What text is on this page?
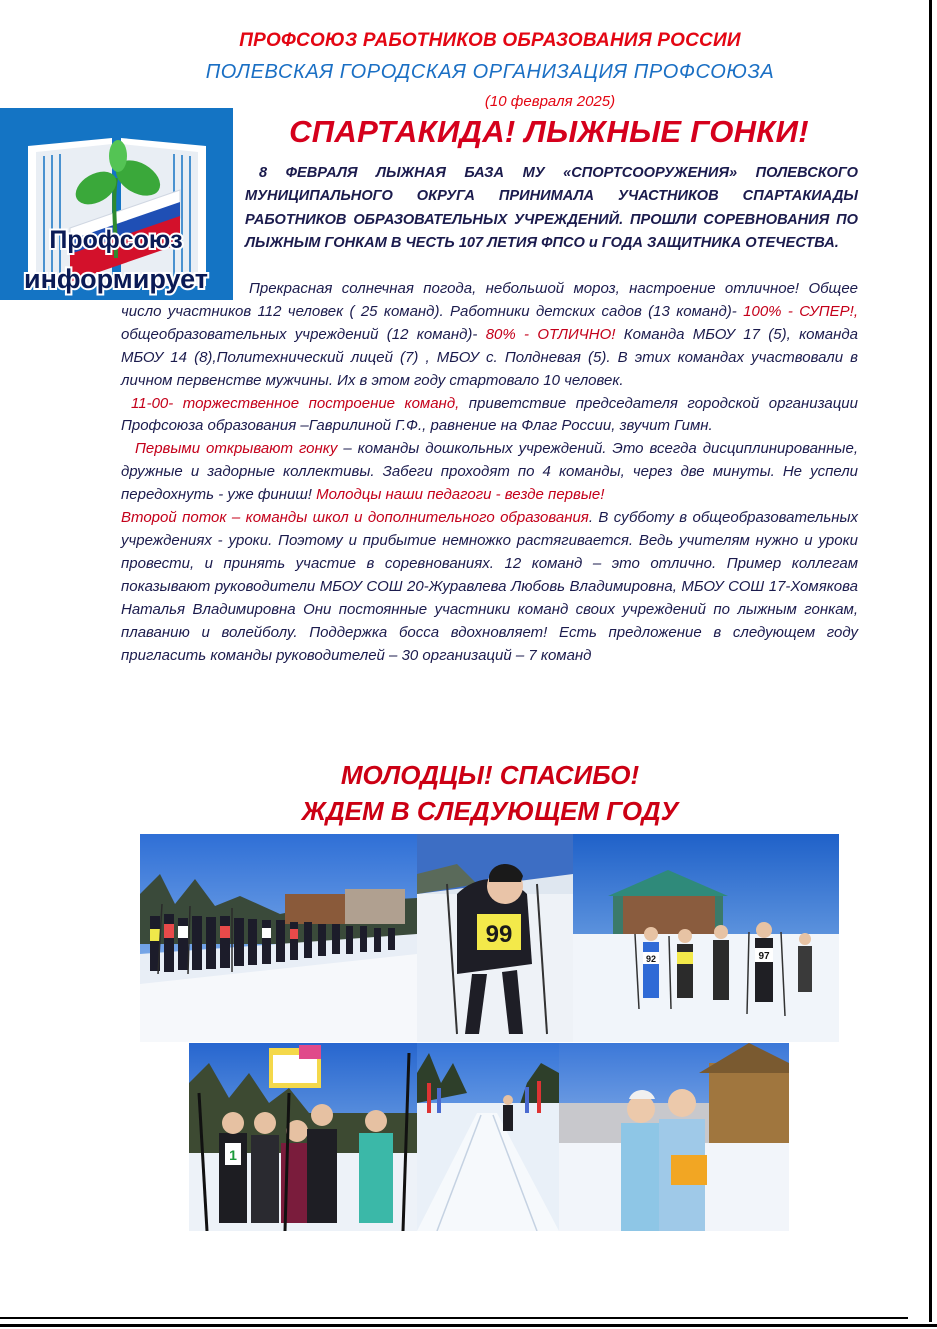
ПРОФСОЮЗ РАБОТНИКОВ ОБРАЗОВАНИЯ РОССИИ
ПОЛЕВСКАЯ ГОРОДСКАЯ ОРГАНИЗАЦИЯ ПРОФСОЮЗА
(10 февраля 2025)
Профсоюз
информирует
СПАРТАКИДА! ЛЫЖНЫЕ ГОНКИ!
8 ФЕВРАЛЯ ЛЫЖНАЯ БАЗА МУ «СПОРТСООРУЖЕНИЯ» ПОЛЕВСКОГО МУНИЦИПАЛЬНОГО ОКРУГА ПРИНИМАЛА УЧАСТНИКОВ СПАРТАКИАДЫ РАБОТНИКОВ ОБРАЗОВАТЕЛЬНЫХ УЧРЕЖДЕНИЙ. ПРОШЛИ СОРЕВНОВАНИЯ ПО ЛЫЖНЫМ ГОНКАМ В ЧЕСТЬ 107 ЛЕТИЯ ФПСО и ГОДА ЗАЩИТНИКА ОТЕЧЕСТВА.

Прекрасная солнечная погода, небольшой мороз, настроение отличное! Общее число участников 112 человек ( 25 команд). Работники детских садов (13 команд)- 100% - СУПЕР!, общеобразовательных учреждений (12 команд)- 80% - ОТЛИЧНО! Команда МБОУ 17 (5), команда МБОУ 14 (8),Политехнический лицей (7) , МБОУ с. Полдневая (5). В этих командах участвовали в личном первенстве мужчины. Их в этом году стартовало 10 человек.

11-00- торжественное построение команд, приветствие председателя городской организации Профсоюза образования –Гаврилиной Г.Ф., равнение на Флаг России, звучит Гимн.

Первыми открывают гонку – команды дошкольных учреждений. Это всегда дисциплинированные, дружные и задорные коллективы. Забеги проходят по 4 команды, через две минуты. Не успели передохнуть - уже финиш! Молодцы наши педагоги - везде первые!

Второй поток – команды школ и дополнительного образования. В субботу в общеобразовательных учреждениях - уроки. Поэтому и прибытие немножко растягивается. Ведь учителям нужно и уроки провести, и принять участие в соревнованиях. 12 команд – это отлично. Пример коллегам показывают руководители МБОУ СОШ 20-Журавлева Любовь Владимировна, МБОУ СОШ 17-Хомякова Наталья Владимировна Они постоянные участники команд своих учреждений по лыжным гонкам, плаванию и волейболу. Поддержка босса вдохновляет! Есть предложение в следующем году пригласить команды руководителей – 30 организаций – 7 команд

МОЛОДЦЫ! СПАСИБО!
ЖДЕМ В СЛЕДУЮЩЕМ ГОДУ
99
92	97
1
